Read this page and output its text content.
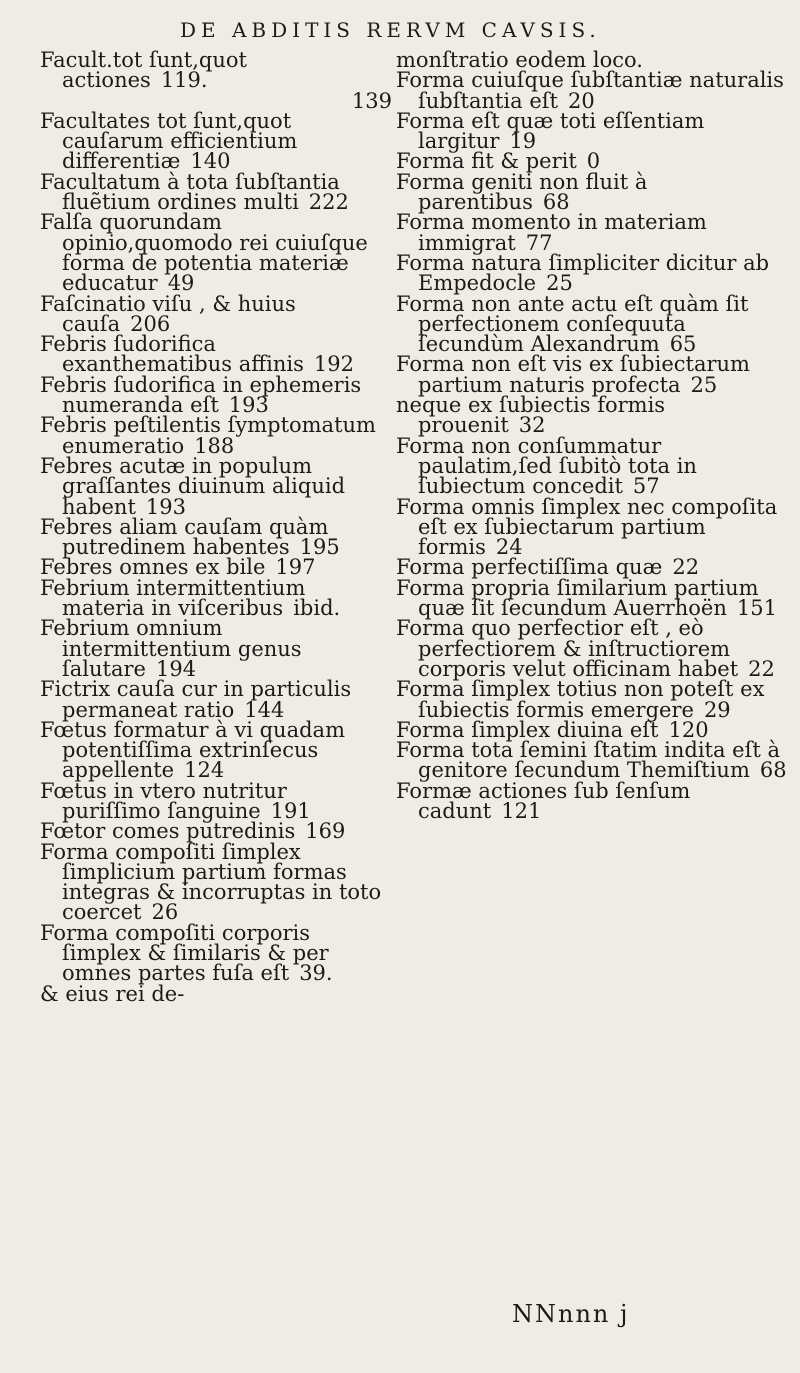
DE ABDITIS RERVM CAVSIS.

Facult.tot ſunt,quot actiones 119.

139

Facultates tot ſunt,quot cauſarum efficientium differentiæ 140

Facultatum à tota ſubſtantia fluẽtium ordines multi 222

Falſa quorundam opinio,quomodo rei cuiuſque forma de potentia materiæ educatur 49

Faſcinatio viſu , & huius cauſa 206

Febris ſudorifica exanthematibus affinis 192

Febris ſudorifica in ephemeris numeranda eſt 193

Febris peſtilentis ſymptomatum enumeratio 188

Febres acutæ in populum graſſantes diuinum aliquid habent 193

Febres aliam cauſam quàm putredinem habentes 195

Febres omnes ex bile 197

Febrium intermittentium materia in viſceribus ibid.

Febrium omnium intermittentium genus ſalutare 194

Fictrix cauſa cur in particulis permaneat ratio 144

Fœtus formatur à vi quadam potentiſſima extrinſecus appellente 124

Fœtus in vtero nutritur puriſſimo ſanguine 191

Fœtor comes putredinis 169

Forma compoſiti ſimplex ſimplicium partium formas integras & incorruptas in toto coercet 26

Forma compoſiti corporis ſimplex & ſimilaris & per omnes partes fuſa eſt 39.

& eius rei de-

monſtratio eodem loco.

Forma cuiuſque ſubſtantiæ naturalis ſubſtantia eſt 20

Forma eſt quæ toti eſſentiam largitur 19

Forma fit & perit 0

Forma geniti non fluit à parentibus 68

Forma momento in materiam immigrat 77

Forma natura ſimpliciter dicitur ab Empedocle 25

Forma non ante actu eſt quàm ſit perfectionem conſequuta ſecundùm Alexandrum 65

Forma non eſt vis ex ſubiectarum partium naturis profecta 25

neque ex ſubiectis formis prouenit 32

Forma non conſummatur paulatim,ſed ſubitò tota in ſubiectum concedit 57

Forma omnis ſimplex nec compoſita eſt ex ſubiectarum partium formis 24

Forma perfectiſſima quæ 22

Forma propria ſimilarium partium quæ ſit ſecundum Auerrhoën 151

Forma quo perfectior eſt , eò perfectiorem & inſtructiorem corporis velut officinam habet 22

Forma ſimplex totius non poteſt ex ſubiectis formis emergere 29

Forma ſimplex diuina eſt 120

Forma tota ſemini ſtatim indita eſt à genitore ſecundum Themiſtium 68

Formæ actiones ſub ſenſum cadunt 121

NNnnn j
